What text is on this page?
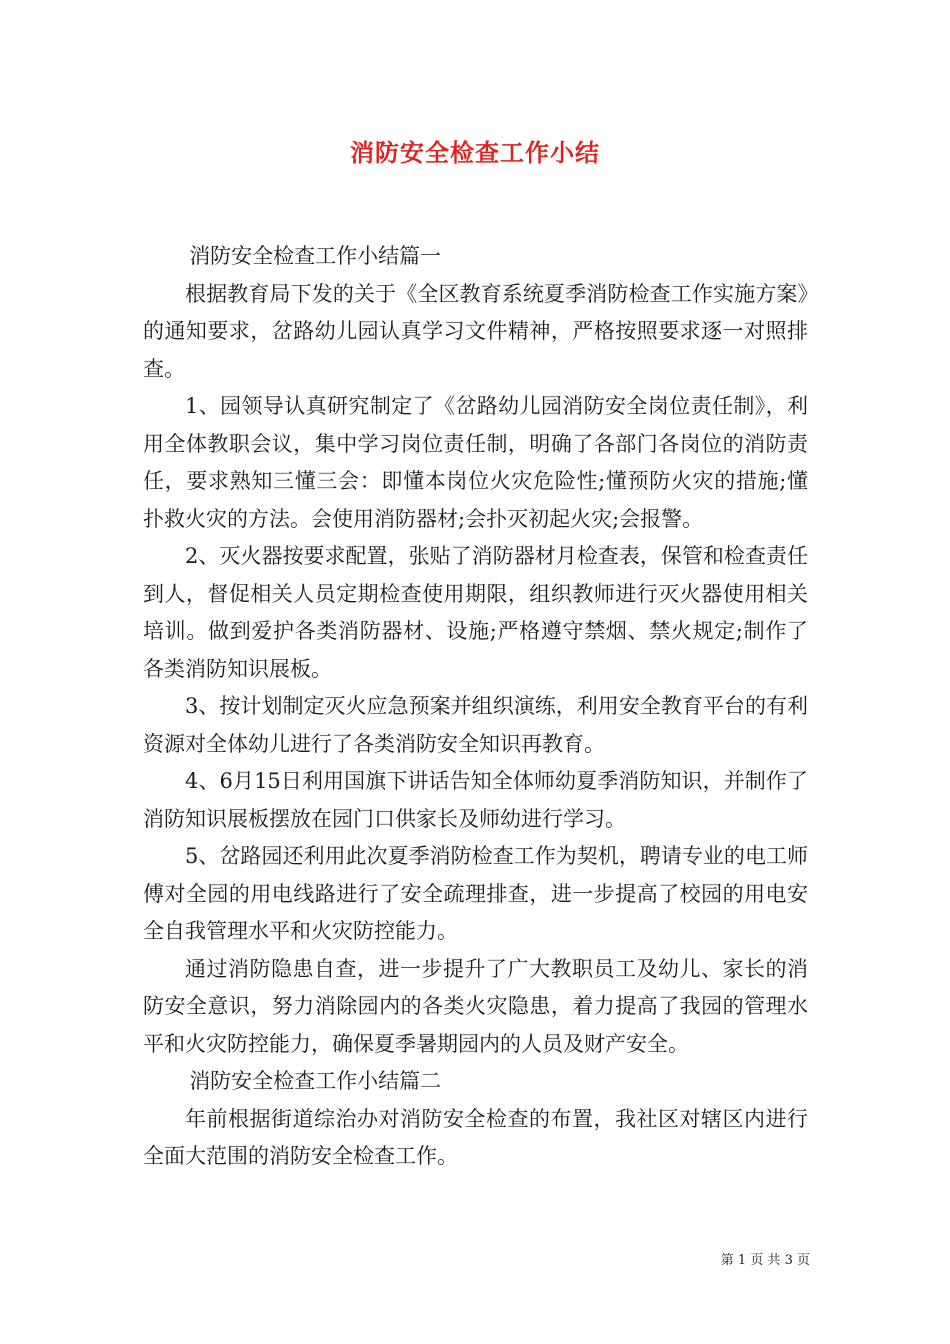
消防安全检查工作小结

消防安全检查工作小结篇一

根据教育局下发的关于《全区教育系统夏季消防检查工作实施方案》的通知要求，岔路幼儿园认真学习文件精神，严格按照要求逐一对照排查。

1、园领导认真研究制定了《岔路幼儿园消防安全岗位责任制》，利用全体教职会议，集中学习岗位责任制，明确了各部门各岗位的消防责任，要求熟知三懂三会：即懂本岗位火灾危险性;懂预防火灾的措施;懂扑救火灾的方法。会使用消防器材;会扑灭初起火灾;会报警。

2、灭火器按要求配置，张贴了消防器材月检查表，保管和检查责任到人，督促相关人员定期检查使用期限，组织教师进行灭火器使用相关培训。做到爱护各类消防器材、设施;严格遵守禁烟、禁火规定;制作了各类消防知识展板。

3、按计划制定灭火应急预案并组织演练，利用安全教育平台的有利资源对全体幼儿进行了各类消防安全知识再教育。

4、6月15日利用国旗下讲话告知全体师幼夏季消防知识，并制作了消防知识展板摆放在园门口供家长及师幼进行学习。

5、岔路园还利用此次夏季消防检查工作为契机，聘请专业的电工师傅对全园的用电线路进行了安全疏理排查，进一步提高了校园的用电安全自我管理水平和火灾防控能力。

通过消防隐患自查，进一步提升了广大教职员工及幼儿、家长的消防安全意识，努力消除园内的各类火灾隐患，着力提高了我园的管理水平和火灾防控能力，确保夏季暑期园内的人员及财产安全。

消防安全检查工作小结篇二

年前根据街道综治办对消防安全检查的布置，我社区对辖区内进行全面大范围的消防安全检查工作。

第 1 页 共 3 页
